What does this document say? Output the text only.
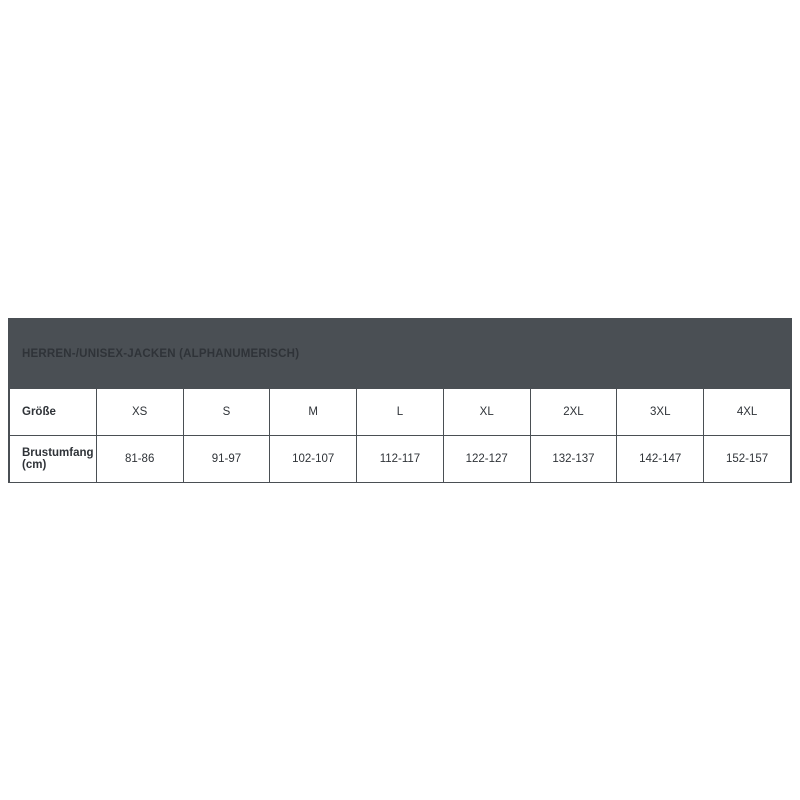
HERREN-/UNISEX-JACKEN (ALPHANUMERISCH)								
Größe	XS	S	M	L	XL	2XL	3XL	4XL
Brustumfang (cm)	81-86	91-97	102-107	112-117	122-127	132-137	142-147	152-157
